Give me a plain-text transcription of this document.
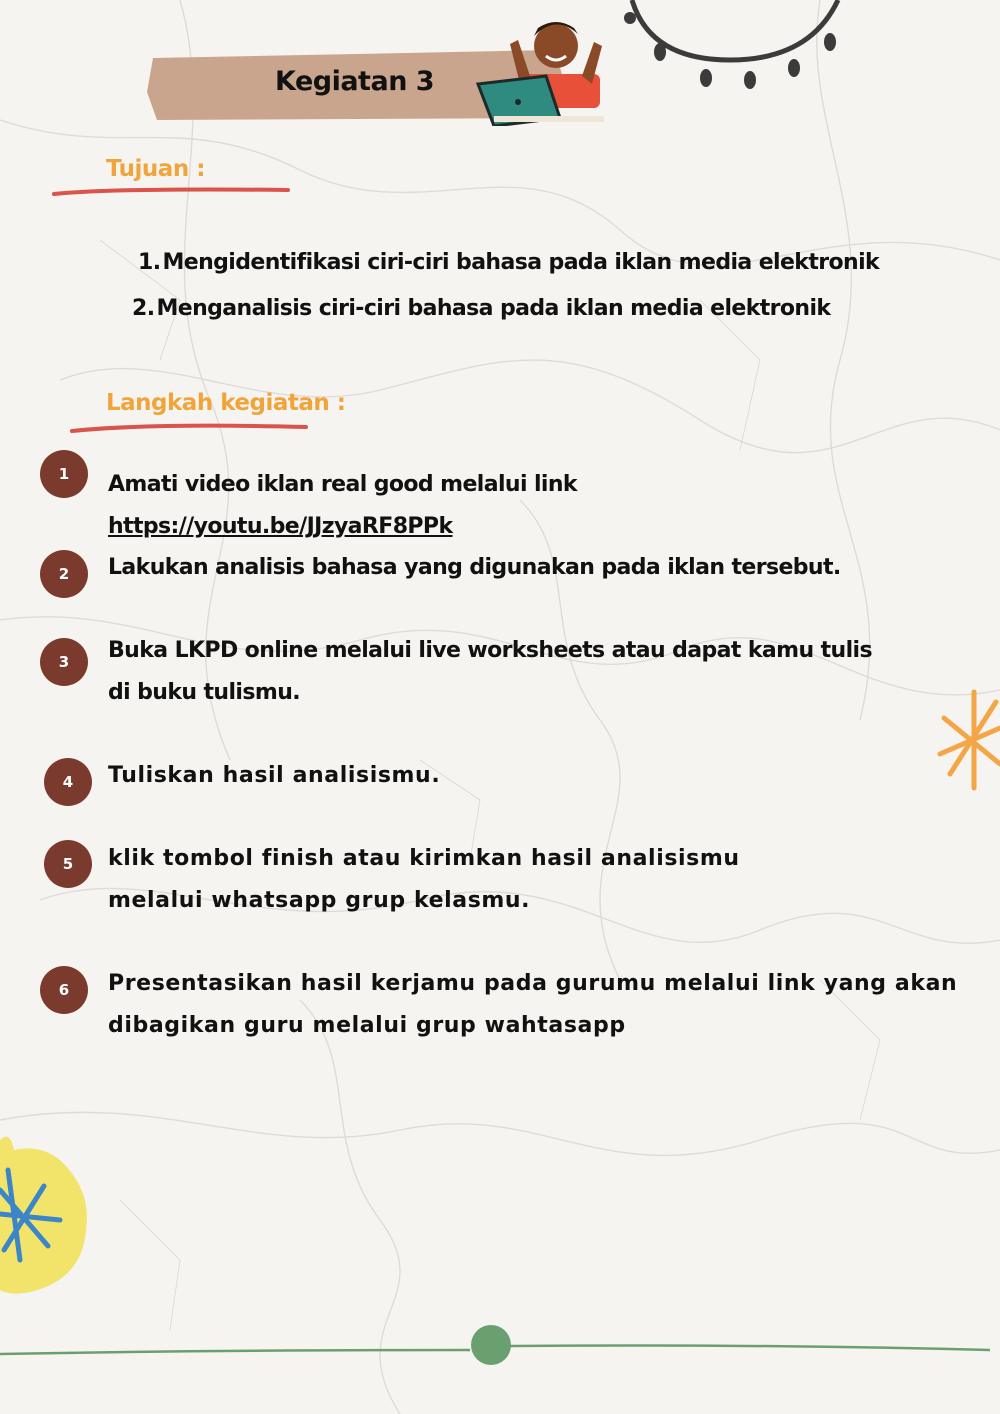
Kegiatan 3
Tujuan :
1.Mengidentifikasi ciri-ciri bahasa pada iklan media elektronik
2.Menganalisis ciri-ciri bahasa pada iklan media elektronik
Langkah kegiatan :
1	Amati video iklan real good melalui link https://youtu.be/JJzyaRF8PPk
2	Lakukan analisis bahasa yang digunakan pada iklan tersebut.
3	Buka LKPD online melalui live worksheets atau dapat kamu tulis di buku tulismu.
4	Tuliskan hasil analisismu.
5	klik tombol finish atau kirimkan hasil analisismu melalui whatsapp grup kelasmu.
6	Presentasikan hasil kerjamu pada gurumu melalui link yang akan dibagikan guru melalui grup wahtasapp
